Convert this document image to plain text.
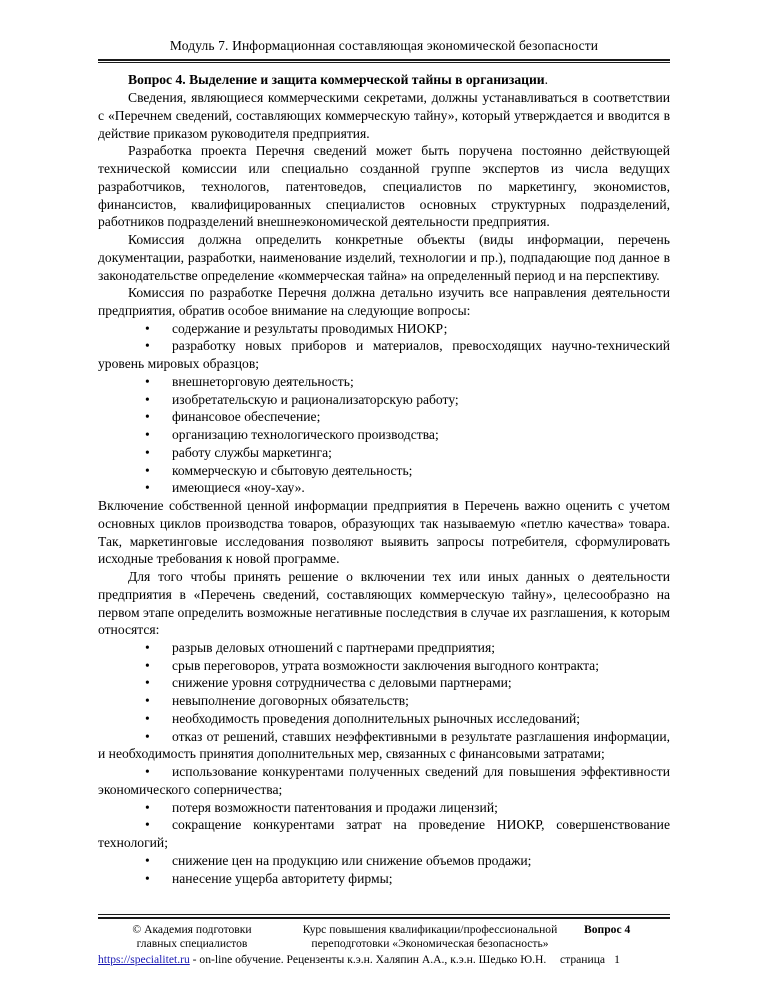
Модуль 7. Информационная составляющая экономической безопасности

Вопрос 4. Выделение и защита коммерческой тайны в организации.

Сведения, являющиеся коммерческими секретами, должны устанавливаться в соответствии с «Перечнем сведений, составляющих коммерческую тайну», который утверждается и вводится в действие приказом руководителя предприятия.

Разработка проекта Перечня сведений может быть поручена постоянно действующей технической комиссии или специально созданной группе экспертов из числа ведущих разработчиков, технологов, патентоведов, специалистов по маркетингу, экономистов, финансистов, квалифицированных специалистов основных структурных подразделений, работников подразделений внешнеэкономической деятельности предприятия.

Комиссия должна определить конкретные объекты (виды информации, перечень документации, разработки, наименование изделий, технологии и пр.), подпадающие под данное в законодательстве определение «коммерческая тайна» на определенный период и на перспективу.

Комиссия по разработке Перечня должна детально изучить все направления деятельности предприятия, обратив особое внимание на следующие вопросы:

• содержание и результаты проводимых НИОКР;
• разработку новых приборов и материалов, превосходящих научно-технический уровень мировых образцов;
• внешнеторговую деятельность;
• изобретательскую и рационализаторскую работу;
• финансовое обеспечение;
• организацию технологического производства;
• работу службы маркетинга;
• коммерческую и сбытовую деятельность;
• имеющиеся «ноу-хау».

Включение собственной ценной информации предприятия в Перечень важно оценить с учетом основных циклов производства товаров, образующих так называемую «петлю качества» товара. Так, маркетинговые исследования позволяют выявить запросы потребителя, сформулировать исходные требования к новой программе.

Для того чтобы принять решение о включении тех или иных данных о деятельности предприятия в «Перечень сведений, составляющих коммерческую тайну», целесообразно на первом этапе определить возможные негативные последствия в случае их разглашения, к которым относятся:

• разрыв деловых отношений с партнерами предприятия;
• срыв переговоров, утрата возможности заключения выгодного контракта;
• снижение уровня сотрудничества с деловыми партнерами;
• невыполнение договорных обязательств;
• необходимость проведения дополнительных рыночных исследований;
• отказ от решений, ставших неэффективными в результате разглашения информации, и необходимость принятия дополнительных мер, связанных с финансовыми затратами;
• использование конкурентами полученных сведений для повышения эффективности экономического соперничества;
• потеря возможности патентования и продажи лицензий;
• сокращение конкурентами затрат на проведение НИОКР, совершенствование технологий;
• снижение цен на продукцию или снижение объемов продажи;
• нанесение ущерба авторитету фирмы;
© Академия подготовки
главных специалистов
Курс повышения квалификации/профессиональной
переподготовки «Экономическая безопасность»
Вопрос 4
https://specialitet.ru - on-line обучение. Рецензенты к.э.н. Халяпин А.А., к.э.н. Шедько Ю.Н.	страница 1
